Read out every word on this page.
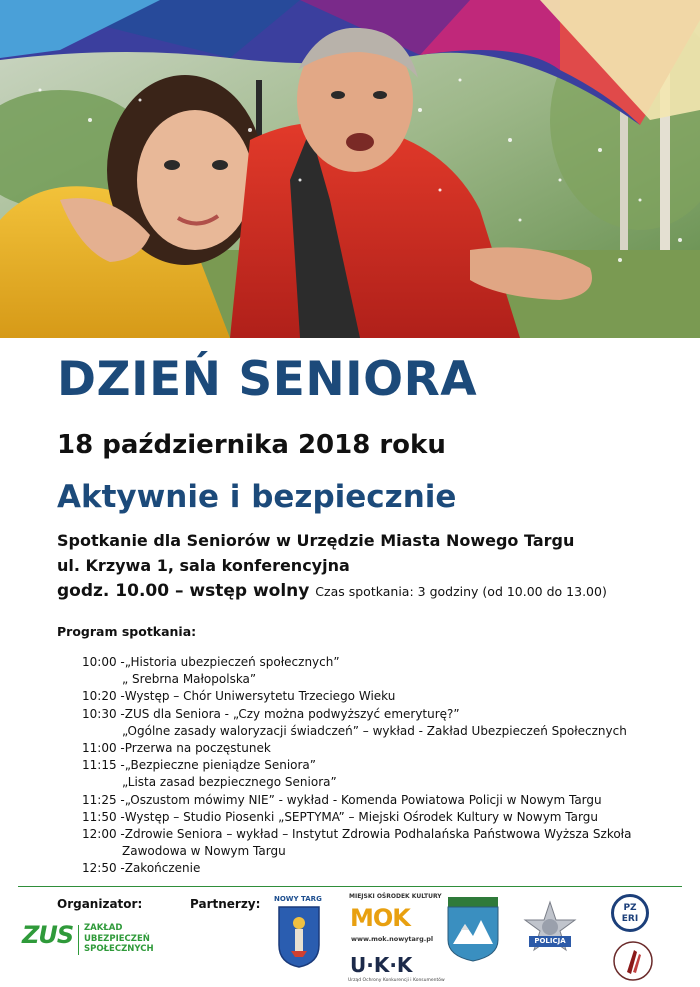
DZIEŃ SENIORA
18 października 2018 roku
Aktywnie i bezpiecznie
Spotkanie dla Seniorów w Urzędzie Miasta Nowego Targu
ul. Krzywa 1, sala konferencyjna
godz. 10.00 – wstęp wolny Czas spotkania: 3 godziny (od 10.00 do 13.00)
Program spotkania:
10:00 - „Historia ubezpieczeń społecznych”
„ Srebrna Małopolska”
10:20 - Występ – Chór Uniwersytetu Trzeciego Wieku
10:30 - ZUS dla Seniora - „Czy można podwyższyć emeryturę?”
„Ogólne zasady waloryzacji świadczeń” – wykład - Zakład Ubezpieczeń Społecznych
11:00 - Przerwa na poczęstunek
11:15 - „Bezpieczne pieniądze Seniora”
„Lista zasad bezpiecznego Seniora”
11:25 - „Oszustom mówimy NIE” - wykład - Komenda Powiatowa Policji w Nowym Targu
11:50 - Występ – Studio Piosenki „SEPTYMA” – Miejski Ośrodek Kultury w Nowym Targu
12:00 - Zdrowie Seniora – wykład – Instytut Zdrowia Podhalańska Państwowa Wyższa Szkoła
Zawodowa w Nowym Targu
12:50 - Zakończenie
Organizator:	Partnerzy:
ZUS ZAKŁAD
UBEZPIECZEŃ
SPOŁECZNYCH
NOWY TARG	MIEJSKI OŚRODEK KULTURY
MOK
www.mok.nowytarg.pl
U·K·K
Urząd Ochrony Konkurencji i Konsumentów
POLICJA
PZ
ERI
